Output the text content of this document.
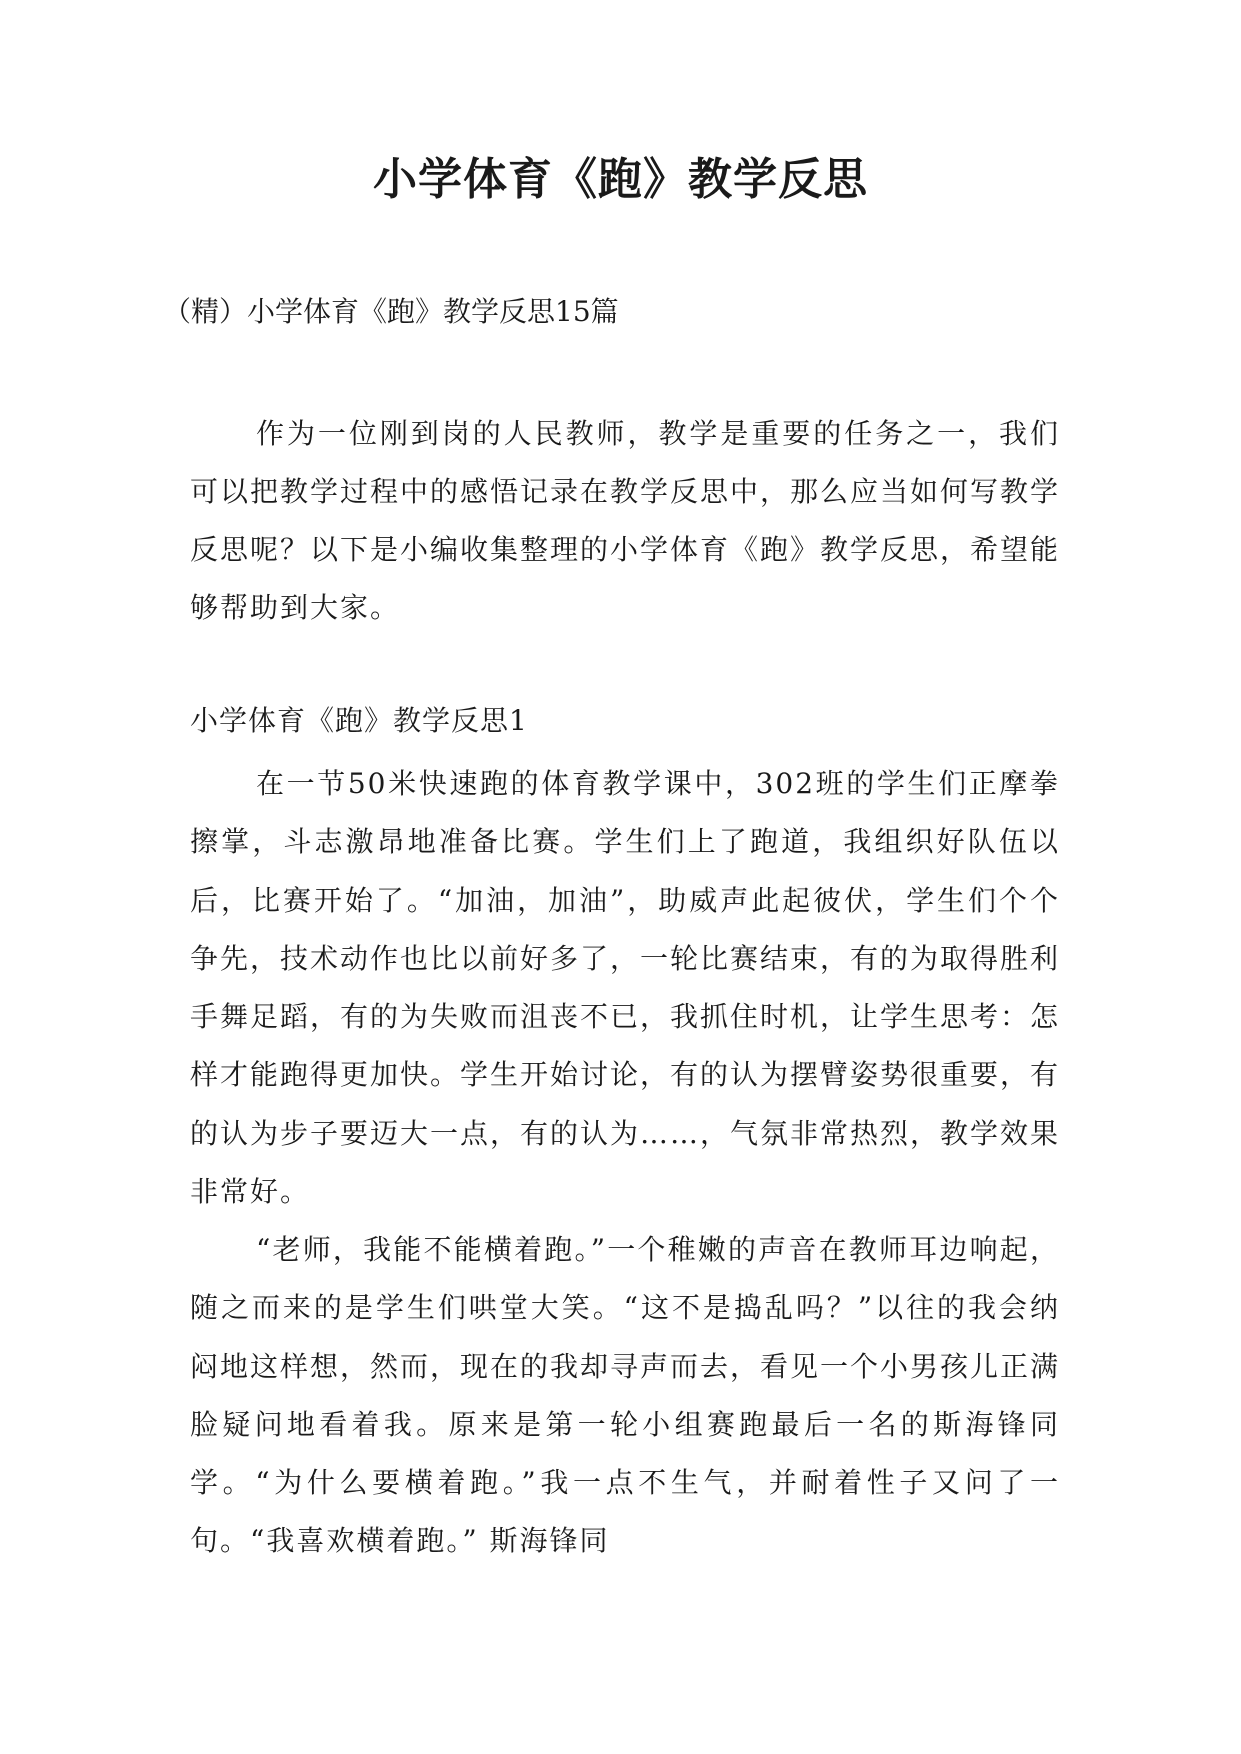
小学体育《跑》教学反思

（精）小学体育《跑》教学反思15篇

作为一位刚到岗的人民教师，教学是重要的任务之一，我们可以把教学过程中的感悟记录在教学反思中，那么应当如何写教学反思呢？以下是小编收集整理的小学体育《跑》教学反思，希望能够帮助到大家。

小学体育《跑》教学反思1

在一节50米快速跑的体育教学课中，302班的学生们正摩拳擦掌，斗志激昂地准备比赛。学生们上了跑道，我组织好队伍以后，比赛开始了。“加油，加油”，助威声此起彼伏，学生们个个争先，技术动作也比以前好多了，一轮比赛结束，有的为取得胜利手舞足蹈，有的为失败而沮丧不已，我抓住时机，让学生思考：怎样才能跑得更加快。学生开始讨论，有的认为摆臂姿势很重要，有的认为步子要迈大一点，有的认为……，气氛非常热烈，教学效果非常好。

“老师，我能不能横着跑。”一个稚嫩的声音在教师耳边响起，随之而来的是学生们哄堂大笑。“这不是捣乱吗？”以往的我会纳闷地这样想，然而，现在的我却寻声而去，看见一个小男孩儿正满脸疑问地看着我。原来是第一轮小组赛跑最后一名的斯海锋同学。“为什么要横着跑。”我一点不生气，并耐着性子又问了一句。“我喜欢横着跑。” 斯海锋同
